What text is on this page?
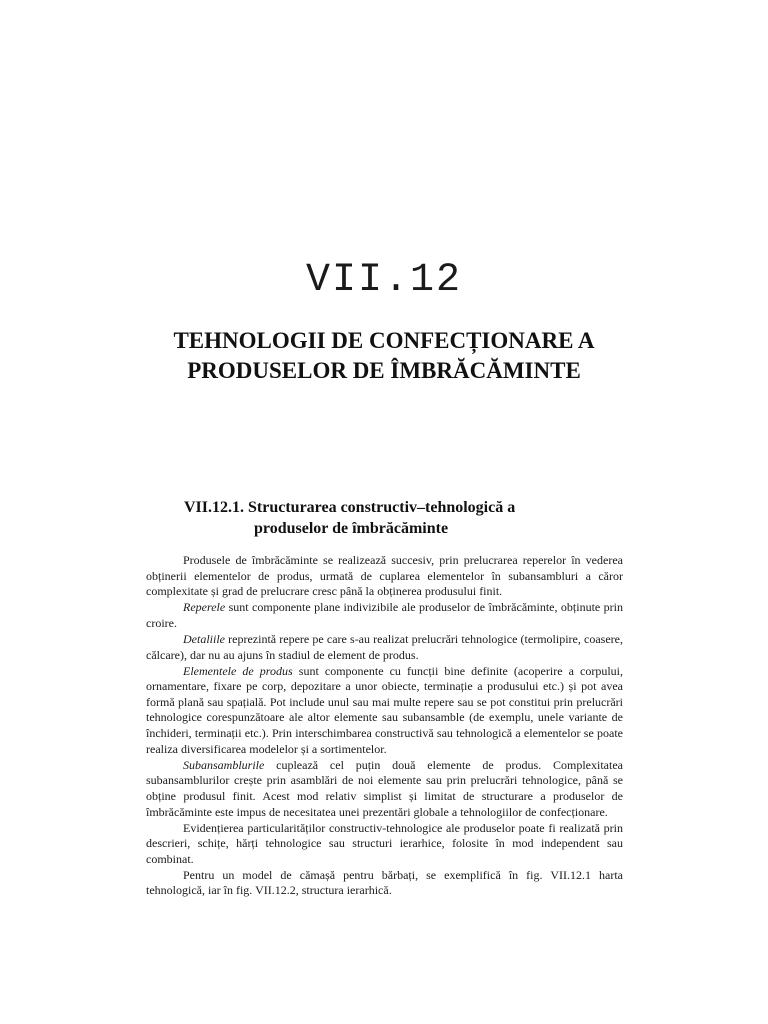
VII.12
TEHNOLOGII DE CONFECȚIONARE A
PRODUSELOR DE ÎMBRĂCĂMINTE
VII.12.1. Structurarea constructiv–tehnologică a
produselor de îmbrăcăminte

Produsele de îmbrăcăminte se realizează succesiv, prin prelucrarea reperelor în vederea obținerii elementelor de produs, urmată de cuplarea elementelor în subansambluri a căror complexitate și grad de prelucrare cresc până la obținerea produsului finit.

Reperele sunt componente plane indivizibile ale produselor de îmbrăcăminte, obținute prin croire.

Detaliile reprezintă repere pe care s-au realizat prelucrări tehnologice (termolipire, coasere, călcare), dar nu au ajuns în stadiul de element de produs.

Elementele de produs sunt componente cu funcții bine definite (acoperire a corpului, ornamentare, fixare pe corp, depozitare a unor obiecte, terminație a produsului etc.) și pot avea formă plană sau spațială. Pot include unul sau mai multe repere sau se pot constitui prin prelucrări tehnologice corespunzătoare ale altor elemente sau subansamble (de exemplu, unele variante de închideri, terminații etc.). Prin interschimbarea constructivă sau tehnologică a elementelor se poate realiza diversificarea modelelor și a sortimentelor.

Subansamblurile cuplează cel puțin două elemente de produs. Complexitatea subansamblurilor crește prin asamblări de noi elemente sau prin prelucrări tehnologice, până se obține produsul finit. Acest mod relativ simplist și limitat de structurare a produselor de îmbrăcăminte este impus de necesitatea unei prezentări globale a tehnologiilor de confecționare.

Evidențierea particularităților constructiv-tehnologice ale produselor poate fi realizată prin descrieri, schițe, hărți tehnologice sau structuri ierarhice, folosite în mod independent sau combinat.

Pentru un model de cămașă pentru bărbați, se exemplifică în fig. VII.12.1 harta tehnologică, iar în fig. VII.12.2, structura ierarhică.
